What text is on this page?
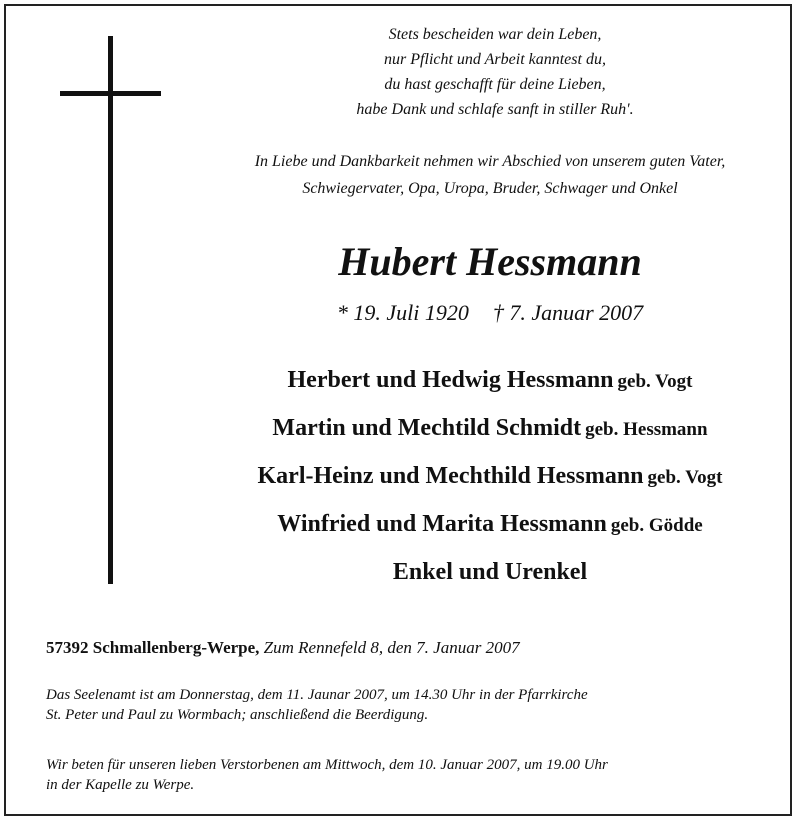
Stets bescheiden war dein Leben,
nur Pflicht und Arbeit kanntest du,
du hast geschafft für deine Lieben,
habe Dank und schlafe sanft in stiller Ruh'.
In Liebe und Dankbarkeit nehmen wir Abschied von unserem guten Vater,
Schwiegervater, Opa, Uropa, Bruder, Schwager und Onkel
Hubert Hessmann
* 19. Juli 1920 † 7. Januar 2007
Herbert und Hedwig Hessmann geb. Vogt
Martin und Mechtild Schmidt geb. Hessmann
Karl-Heinz und Mechthild Hessmann geb. Vogt
Winfried und Marita Hessmann geb. Gödde
Enkel und Urenkel
57392 Schmallenberg-Werpe, Zum Rennefeld 8, den 7. Januar 2007
Das Seelenamt ist am Donnerstag, dem 11. Jaunar 2007, um 14.30 Uhr in der Pfarrkirche
St. Peter und Paul zu Wormbach; anschließend die Beerdigung.
Wir beten für unseren lieben Verstorbenen am Mittwoch, dem 10. Januar 2007, um 19.00 Uhr
in der Kapelle zu Werpe.
